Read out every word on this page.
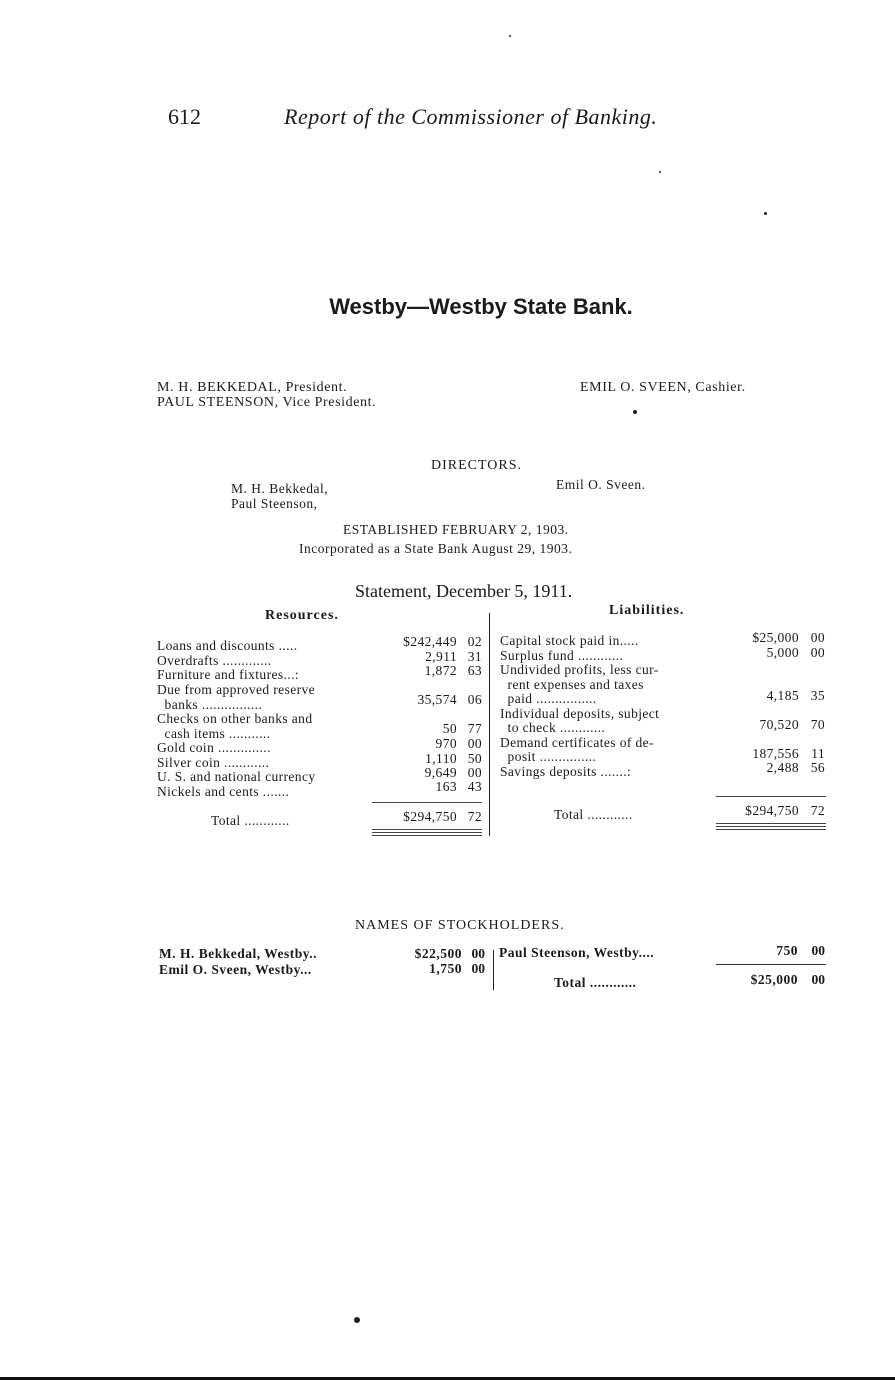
612	Report of the Commissioner of Banking.
Westby—Westby State Bank.
M. H. BEKKEDAL, President.
PAUL STEENSON, Vice President.
EMIL O. SVEEN, Cashier.
DIRECTORS.
M. H. Bekkedal,
Paul Steenson,
Emil O. Sveen.
ESTABLISHED FEBRUARY 2, 1903.
Incorporated as a State Bank August 29, 1903.
Statement, December 5, 1911.
Resources.	Liabilities.
Loans and discounts .....	$242,449 02
Overdrafts .............	2,911 31
Furniture and fixtures...:	1,872 63
Due from approved reserve
banks ................	35,574 06
Checks on other banks and
cash items ...........	50 77
Gold coin ..............	970 00
Silver coin ............	1,110 50
U. S. and national currency	9,649 00
Nickels and cents .......	163 43
Total ............	$294,750 72
Capital stock paid in.....	$25,000 00
Surplus fund ............	5,000 00
Undivided profits, less cur-
rent expenses and taxes
paid ................	4,185 35
Individual deposits, subject
to check ............	70,520 70
Demand certificates of de-
posit ...............	187,556 11
Savings deposits .......:	2,488 56
Total ............	$294,750 72
NAMES OF STOCKHOLDERS.
M. H. Bekkedal, Westby..	$22,500 00
Emil O. Sveen, Westby...	1,750 00
Paul Steenson, Westby....	750	00
Total ............	$25,000	00
